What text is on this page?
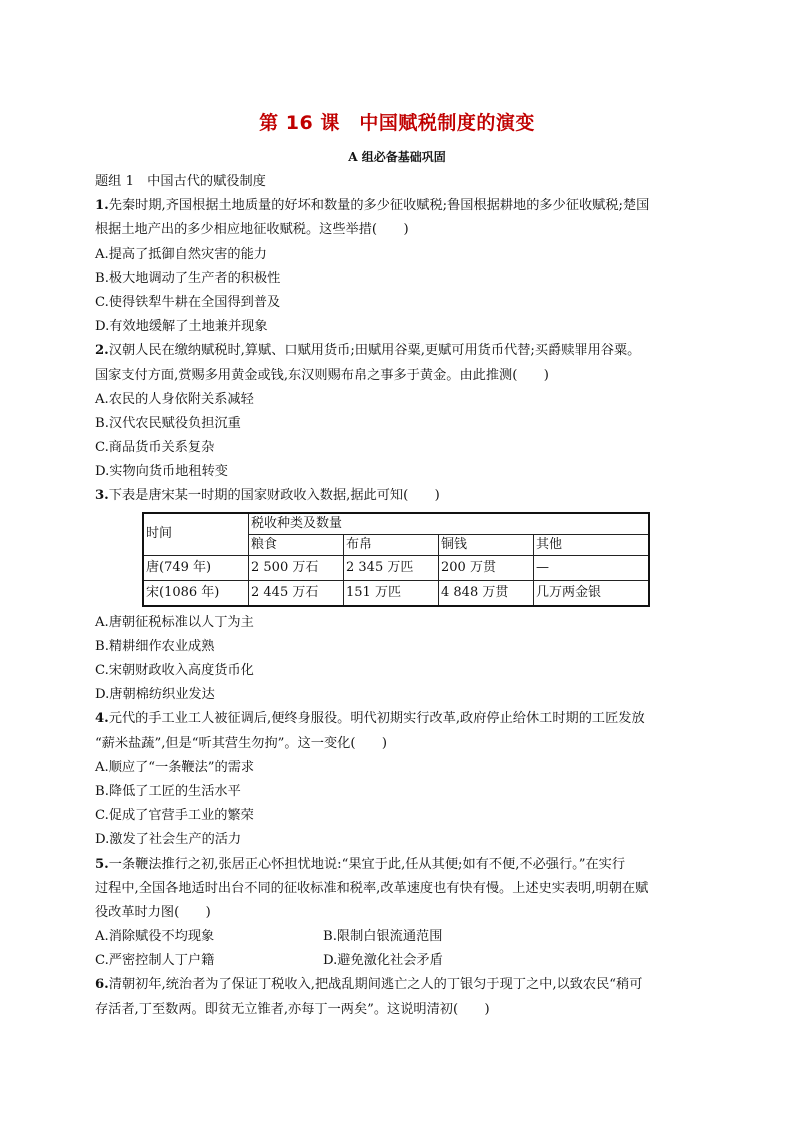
第 16 课　中国赋税制度的演变
A 组必备基础巩固
题组 1　中国古代的赋役制度
1.先秦时期,齐国根据土地质量的好坏和数量的多少征收赋税;鲁国根据耕地的多少征收赋税;楚国
根据土地产出的多少相应地征收赋税。这些举措(　　)
A.提高了抵御自然灾害的能力
B.极大地调动了生产者的积极性
C.使得铁犁牛耕在全国得到普及
D.有效地缓解了土地兼并现象
2.汉朝人民在缴纳赋税时,算赋、口赋用货币;田赋用谷粟,更赋可用货币代替;买爵赎罪用谷粟。
国家支付方面,赏赐多用黄金或钱,东汉则赐布帛之事多于黄金。由此推测(　　)
A.农民的人身依附关系减轻
B.汉代农民赋役负担沉重
C.商品货币关系复杂
D.实物向货币地租转变
3.下表是唐宋某一时期的国家财政收入数据,据此可知(　　)
时间	税收种类及数量			
	粮食	布帛	铜钱	其他
唐(749 年)	2 500 万石	2 345 万匹	200 万贯	—
宋(1086 年)	2 445 万石	151 万匹	4 848 万贯	几万两金银
A.唐朝征税标准以人丁为主
B.精耕细作农业成熟
C.宋朝财政收入高度货币化
D.唐朝棉纺织业发达
4.元代的手工业工人被征调后,便终身服役。明代初期实行改革,政府停止给休工时期的工匠发放
“薪米盐蔬”,但是“听其营生勿拘”。这一变化(　　)
A.顺应了“一条鞭法”的需求
B.降低了工匠的生活水平
C.促成了官营手工业的繁荣
D.激发了社会生产的活力
5.一条鞭法推行之初,张居正心怀担忧地说:“果宜于此,任从其便;如有不便,不必强行。”在实行
过程中,全国各地适时出台不同的征收标准和税率,改革速度也有快有慢。上述史实表明,明朝在赋
役改革时力图(　　)
A.消除赋役不均现象	B.限制白银流通范围
C.严密控制人丁户籍	D.避免激化社会矛盾
6.清朝初年,统治者为了保证丁税收入,把战乱期间逃亡之人的丁银匀于现丁之中,以致农民“稍可
存活者,丁至数两。即贫无立锥者,亦每丁一两矣”。这说明清初(　　)
